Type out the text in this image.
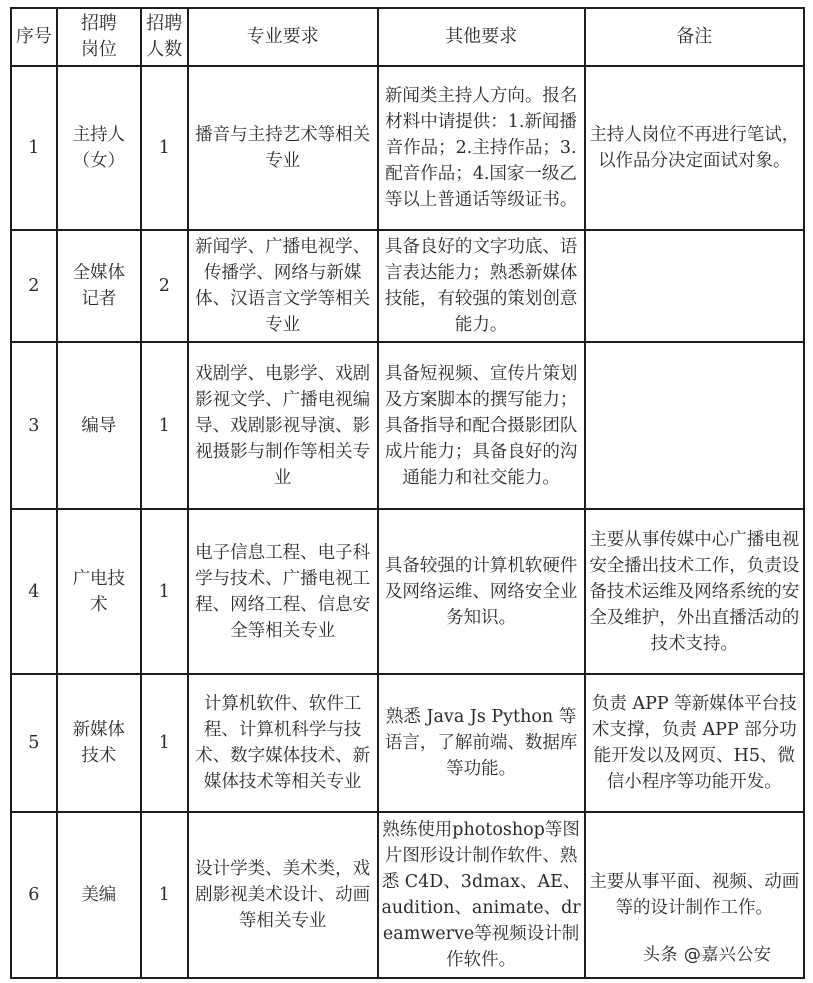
序号	招聘岗位	招聘人数	专业要求	其他要求	备注
1	主持人（女）	1	播音与主持艺术等相关专业	新闻类主持人方向。报名材料中请提供：1.新闻播音作品；2.主持作品；3.配音作品；4.国家一级乙等以上普通话等级证书。	主持人岗位不再进行笔试，以作品分决定面试对象。
2	全媒体记者	2	新闻学、广播电视学、传播学、网络与新媒体、汉语言文学等相关专业	具备良好的文字功底、语言表达能力；熟悉新媒体技能，有较强的策划创意能力。	
3	编导	1	戏剧学、电影学、戏剧影视文学、广播电视编导、戏剧影视导演、影视摄影与制作等相关专业	具备短视频、宣传片策划及方案脚本的撰写能力；具备指导和配合摄影团队成片能力；具备良好的沟通能力和社交能力。	
4	广电技术	1	电子信息工程、电子科学与技术、广播电视工程、网络工程、信息安全等相关专业	具备较强的计算机软硬件及网络运维、网络安全业务知识。	主要从事传媒中心广播电视安全播出技术工作，负责设备技术运维及网络系统的安全及维护，外出直播活动的技术支持。
5	新媒体技术	1	计算机软件、软件工程、计算机科学与技术、数字媒体技术、新媒体技术等相关专业	熟悉 Java Js Python 等语言，了解前端、数据库等功能。	负责 APP 等新媒体平台技术支撑，负责 APP 部分功能开发以及网页、H5、微信小程序等功能开发。
6	美编	1	设计学类、美术类，戏剧影视美术设计、动画等相关专业	熟练使用photoshop等图片图形设计制作软件、熟悉 C4D、3dmax、AE、audition、animate、dreamwerve等视频设计制作软件。	主要从事平面、视频、动画等的设计制作工作。
头条 @嘉兴公安
